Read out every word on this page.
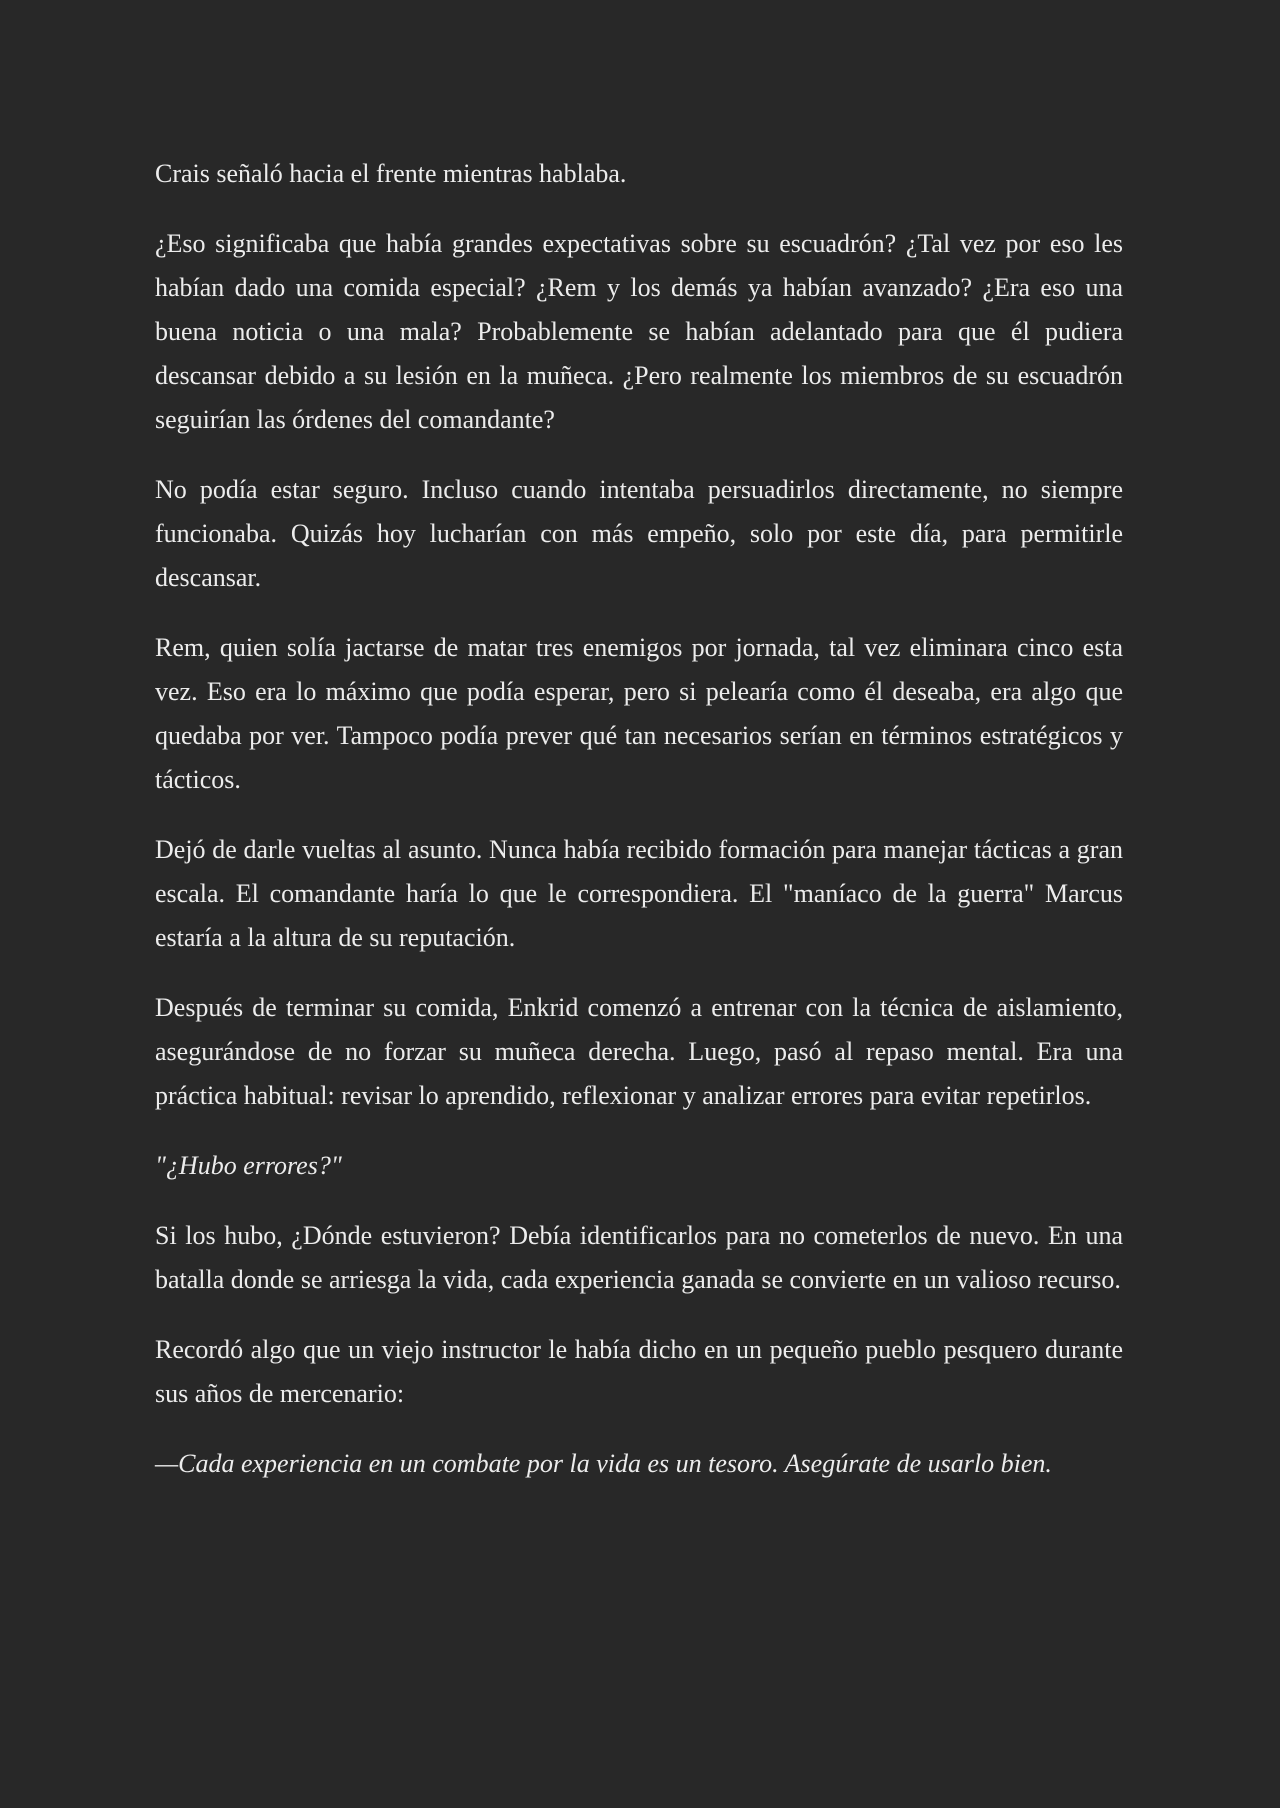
Crais señaló hacia el frente mientras hablaba.

¿Eso significaba que había grandes expectativas sobre su escuadrón? ¿Tal vez por eso les habían dado una comida especial? ¿Rem y los demás ya habían avanzado? ¿Era eso una buena noticia o una mala? Probablemente se habían adelantado para que él pudiera descansar debido a su lesión en la muñeca. ¿Pero realmente los miembros de su escuadrón seguirían las órdenes del comandante?

No podía estar seguro. Incluso cuando intentaba persuadirlos directamente, no siempre funcionaba. Quizás hoy lucharían con más empeño, solo por este día, para permitirle descansar.

Rem, quien solía jactarse de matar tres enemigos por jornada, tal vez eliminara cinco esta vez. Eso era lo máximo que podía esperar, pero si pelearía como él deseaba, era algo que quedaba por ver. Tampoco podía prever qué tan necesarios serían en términos estratégicos y tácticos.

Dejó de darle vueltas al asunto. Nunca había recibido formación para manejar tácticas a gran escala. El comandante haría lo que le correspondiera. El "maníaco de la guerra" Marcus estaría a la altura de su reputación.

Después de terminar su comida, Enkrid comenzó a entrenar con la técnica de aislamiento, asegurándose de no forzar su muñeca derecha. Luego, pasó al repaso mental. Era una práctica habitual: revisar lo aprendido, reflexionar y analizar errores para evitar repetirlos.

"¿Hubo errores?"

Si los hubo, ¿Dónde estuvieron? Debía identificarlos para no cometerlos de nuevo. En una batalla donde se arriesga la vida, cada experiencia ganada se convierte en un valioso recurso.

Recordó algo que un viejo instructor le había dicho en un pequeño pueblo pesquero durante sus años de mercenario:

—Cada experiencia en un combate por la vida es un tesoro. Asegúrate de usarlo bien.
